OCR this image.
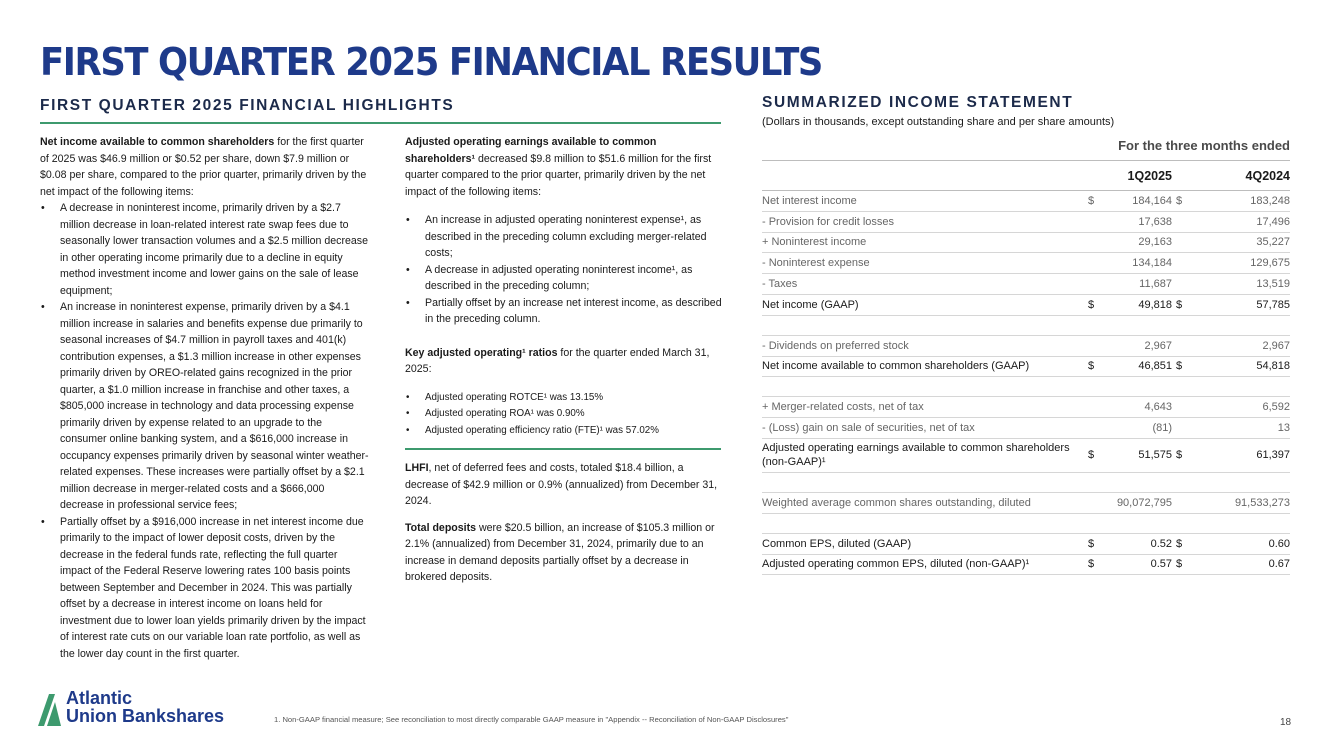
FIRST QUARTER 2025 FINANCIAL RESULTS
FIRST QUARTER 2025 FINANCIAL HIGHLIGHTS

Net income available to common shareholders for the first quarter of 2025 was $46.9 million or $0.52 per share, down $7.9 million or $0.08 per share, compared to the prior quarter, primarily driven by the net impact of the following items:

• A decrease in noninterest income, primarily driven by a $2.7 million decrease in loan-related interest rate swap fees due to seasonally lower transaction volumes and a $2.5 million decrease in other operating income primarily due to a decline in equity method investment income and lower gains on the sale of lease equipment;
• An increase in noninterest expense, primarily driven by a $4.1 million increase in salaries and benefits expense due primarily to seasonal increases of $4.7 million in payroll taxes and 401(k) contribution expenses, a $1.3 million increase in other expenses primarily driven by OREO-related gains recognized in the prior quarter, a $1.0 million increase in franchise and other taxes, a $805,000 increase in technology and data processing expense primarily driven by expense related to an upgrade to the consumer online banking system, and a $616,000 increase in occupancy expenses primarily driven by seasonal winter weather-related expenses. These increases were partially offset by a $2.1 million decrease in merger-related costs and a $666,000 decrease in professional service fees;
• Partially offset by a $916,000 increase in net interest income due primarily to the impact of lower deposit costs, driven by the decrease in the federal funds rate, reflecting the full quarter impact of the Federal Reserve lowering rates 100 basis points between September and December in 2024. This was partially offset by a decrease in interest income on loans held for investment due to lower loan yields primarily driven by the impact of interest rate cuts on our variable loan rate portfolio, as well as the lower day count in the first quarter.

Adjusted operating earnings available to common shareholders¹ decreased $9.8 million to $51.6 million for the first quarter compared to the prior quarter, primarily driven by the net impact of the following items:

• An increase in adjusted operating noninterest expense¹, as described in the preceding column excluding merger-related costs;
• A decrease in adjusted operating noninterest income¹, as described in the preceding column;
• Partially offset by an increase net interest income, as described in the preceding column.

Key adjusted operating¹ ratios for the quarter ended March 31, 2025:

• Adjusted operating ROTCE¹ was 13.15%
• Adjusted operating ROA¹ was 0.90%
• Adjusted operating efficiency ratio (FTE)¹ was 57.02%

LHFI, net of deferred fees and costs, totaled $18.4 billion, a decrease of $42.9 million or 0.9% (annualized) from December 31, 2024.

Total deposits were $20.5 billion, an increase of $105.3 million or 2.1% (annualized) from December 31, 2024, primarily due to an increase in demand deposits partially offset by a decrease in brokered deposits.

SUMMARIZED INCOME STATEMENT
(Dollars in thousands, except outstanding share and per share amounts)
For the three months ended
	1Q2025		4Q2024	
Net interest income	$	184,164	$	183,248
- Provision for credit losses		17,638		17,496
+ Noninterest income		29,163		35,227
- Noninterest expense		134,184		129,675
- Taxes		11,687		13,519
Net income (GAAP)	$	49,818	$	57,785

- Dividends on preferred stock		2,967		2,967
Net income available to common shareholders (GAAP)	$	46,851	$	54,818

+ Merger-related costs, net of tax		4,643		6,592
- (Loss) gain on sale of securities, net of tax		(81)		13
Adjusted operating earnings available to common shareholders (non-GAAP)¹	$	51,575	$	61,397

Weighted average common shares outstanding, diluted		90,072,795		91,533,273

Common EPS, diluted (GAAP)	$	0.52	$	0.60
Adjusted operating common EPS, diluted (non-GAAP)¹	$	0.57	$	0.67
Atlantic
Union Bankshares	1. Non-GAAP financial measure; See reconciliation to most directly comparable GAAP measure in "Appendix -- Reconciliation of Non-GAAP Disclosures"	18
